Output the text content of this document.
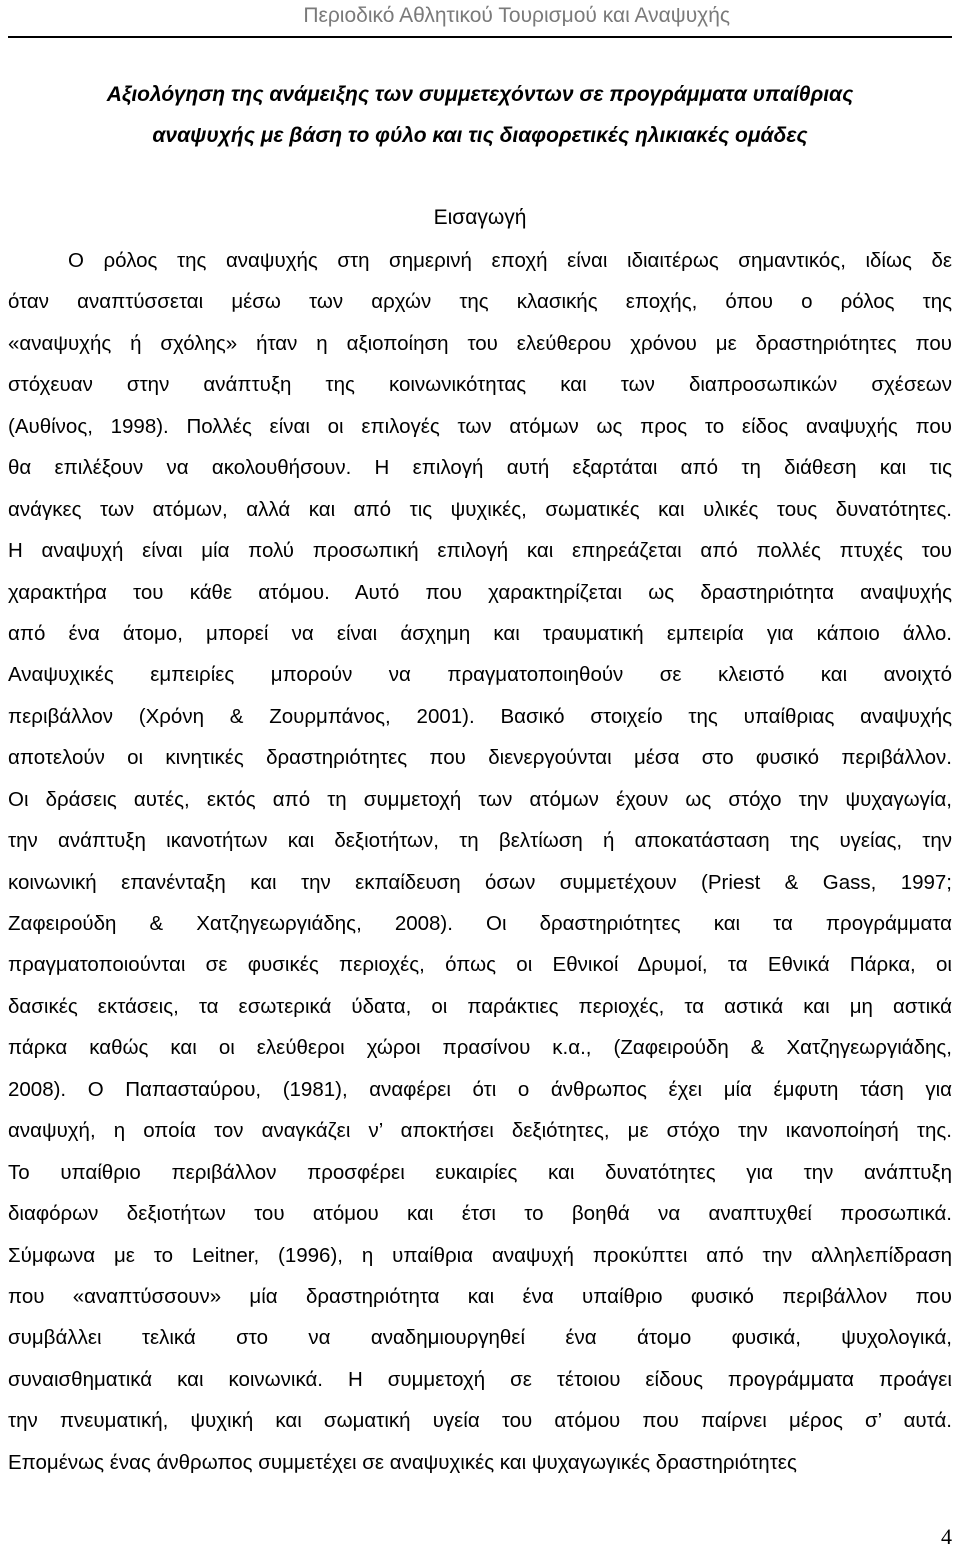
Περιοδικό Αθλητικού Τουρισμού και Αναψυχής
Αξιολόγηση της ανάμειξης των συμμετεχόντων σε προγράμματα υπαίθριας
αναψυχής με βάση το φύλο και τις διαφορετικές ηλικιακές ομάδες
Εισαγωγή

Ο ρόλος της αναψυχής στη σημερινή εποχή είναι ιδιαιτέρως σημαντικός, ιδίως δε
όταν αναπτύσσεται μέσω των αρχών της κλασικής εποχής, όπου ο ρόλος της
«αναψυχής ή σχόλης» ήταν η αξιοποίηση του ελεύθερου χρόνου με δραστηριότητες που
στόχευαν στην ανάπτυξη της κοινωνικότητας και των διαπροσωπικών σχέσεων
(Αυθίνος, 1998). Πολλές είναι οι επιλογές των ατόμων ως προς το είδος αναψυχής που
θα επιλέξουν να ακολουθήσουν. Η επιλογή αυτή εξαρτάται από τη διάθεση και τις
ανάγκες των ατόμων, αλλά και από τις ψυχικές, σωματικές και υλικές τους δυνατότητες.
Η αναψυχή είναι μία πολύ προσωπική επιλογή και επηρεάζεται από πολλές πτυχές του
χαρακτήρα του κάθε ατόμου. Αυτό που χαρακτηρίζεται ως δραστηριότητα αναψυχής
από ένα άτομο, μπορεί να είναι άσχημη και τραυματική εμπειρία για κάποιο άλλο.
Αναψυχικές εμπειρίες μπορούν να πραγματοποιηθούν σε κλειστό και ανοιχτό
περιβάλλον (Χρόνη & Ζουρμπάνος, 2001). Βασικό στοιχείο της υπαίθριας αναψυχής
αποτελούν οι κινητικές δραστηριότητες που διενεργούνται μέσα στο φυσικό περιβάλλον.
Οι δράσεις αυτές, εκτός από τη συμμετοχή των ατόμων έχουν ως στόχο την ψυχαγωγία,
την ανάπτυξη ικανοτήτων και δεξιοτήτων, τη βελτίωση ή αποκατάσταση της υγείας, την
κοινωνική επανένταξη και την εκπαίδευση όσων συμμετέχουν (Priest & Gass, 1997;
Ζαφειρούδη & Χατζηγεωργιάδης, 2008). Οι δραστηριότητες και τα προγράμματα
πραγματοποιούνται σε φυσικές περιοχές, όπως οι Εθνικοί Δρυμοί, τα Εθνικά Πάρκα, οι
δασικές εκτάσεις, τα εσωτερικά ύδατα, οι παράκτιες περιοχές, τα αστικά και μη αστικά
πάρκα καθώς και οι ελεύθεροι χώροι πρασίνου κ.α., (Ζαφειρούδη & Χατζηγεωργιάδης,
2008). Ο Παπασταύρου, (1981), αναφέρει ότι ο άνθρωπος έχει μία έμφυτη τάση για
αναψυχή, η οποία τον αναγκάζει ν’ αποκτήσει δεξιότητες, με στόχο την ικανοποίησή της.
Το υπαίθριο περιβάλλον προσφέρει ευκαιρίες και δυνατότητες για την ανάπτυξη
διαφόρων δεξιοτήτων του ατόμου και έτσι το βοηθά να αναπτυχθεί προσωπικά.
Σύμφωνα με το Leitner, (1996), η υπαίθρια αναψυχή προκύπτει από την αλληλεπίδραση
που «αναπτύσσουν» μία δραστηριότητα και ένα υπαίθριο φυσικό περιβάλλον που
συμβάλλει τελικά στο να αναδημιουργηθεί ένα άτομο φυσικά, ψυχολογικά,
συναισθηματικά και κοινωνικά. Η συμμετοχή σε τέτοιου είδους προγράμματα προάγει
την πνευματική, ψυχική και σωματική υγεία του ατόμου που παίρνει μέρος σ’ αυτά.
Επομένως ένας άνθρωπος συμμετέχει σε αναψυχικές και ψυχαγωγικές δραστηριότητες

4
